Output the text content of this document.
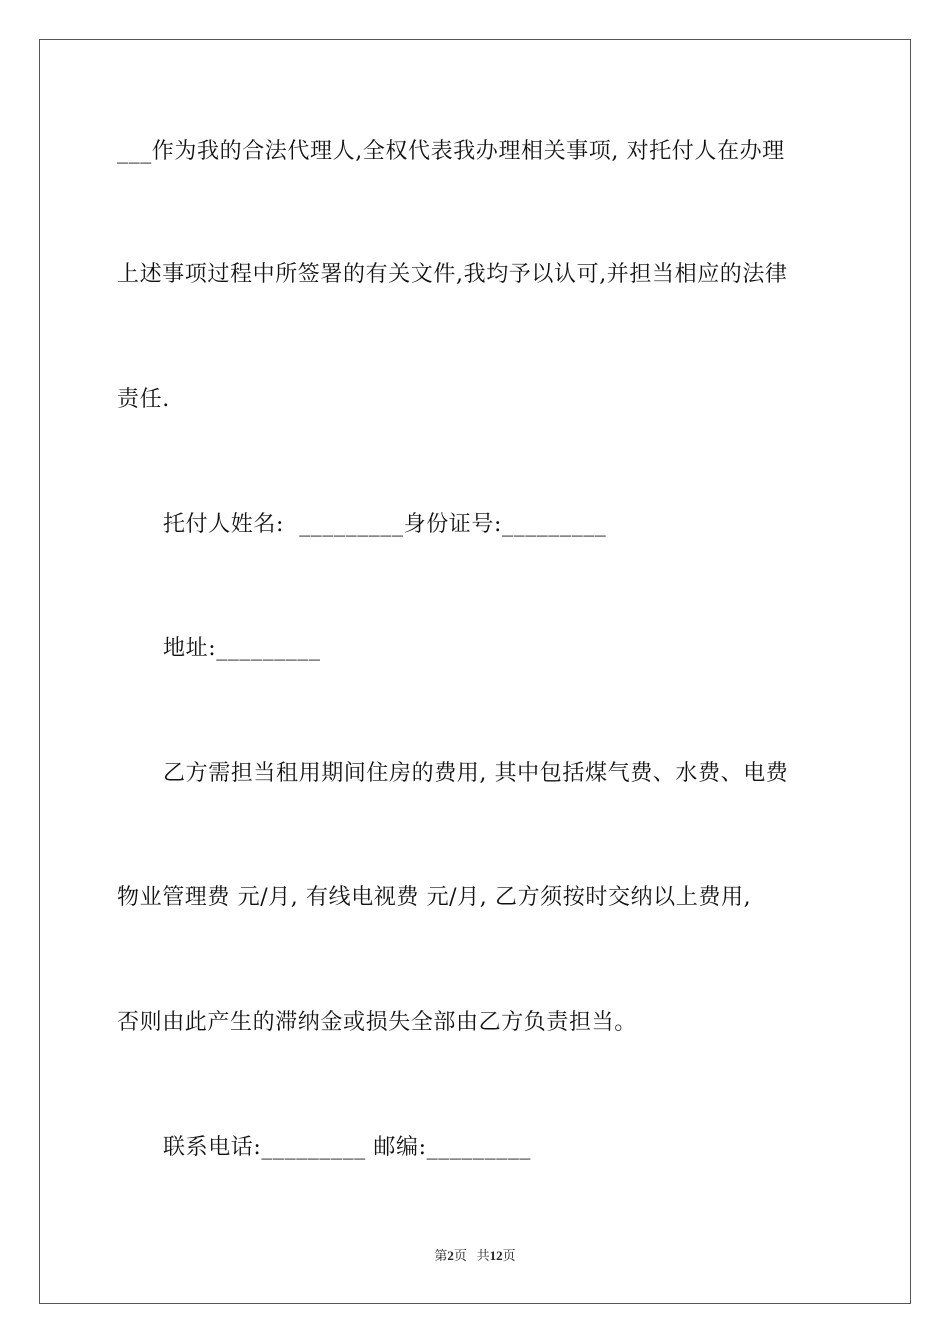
___作为我的合法代理人,全权代表我办理相关事项, 对托付人在办理
上述事项过程中所签署的有关文件,我均予以认可,并担当相应的法律
责任.
托付人姓名:  _________身份证号:_________
地址:_________
乙方需担当租用期间住房的费用, 其中包括煤气费、水费、电费
物业管理费 元/月, 有线电视费 元/月, 乙方须按时交纳以上费用,
否则由此产生的滞纳金或损失全部由乙方负责担当。
联系电话:_________ 邮编:_________
第2页 共12页
